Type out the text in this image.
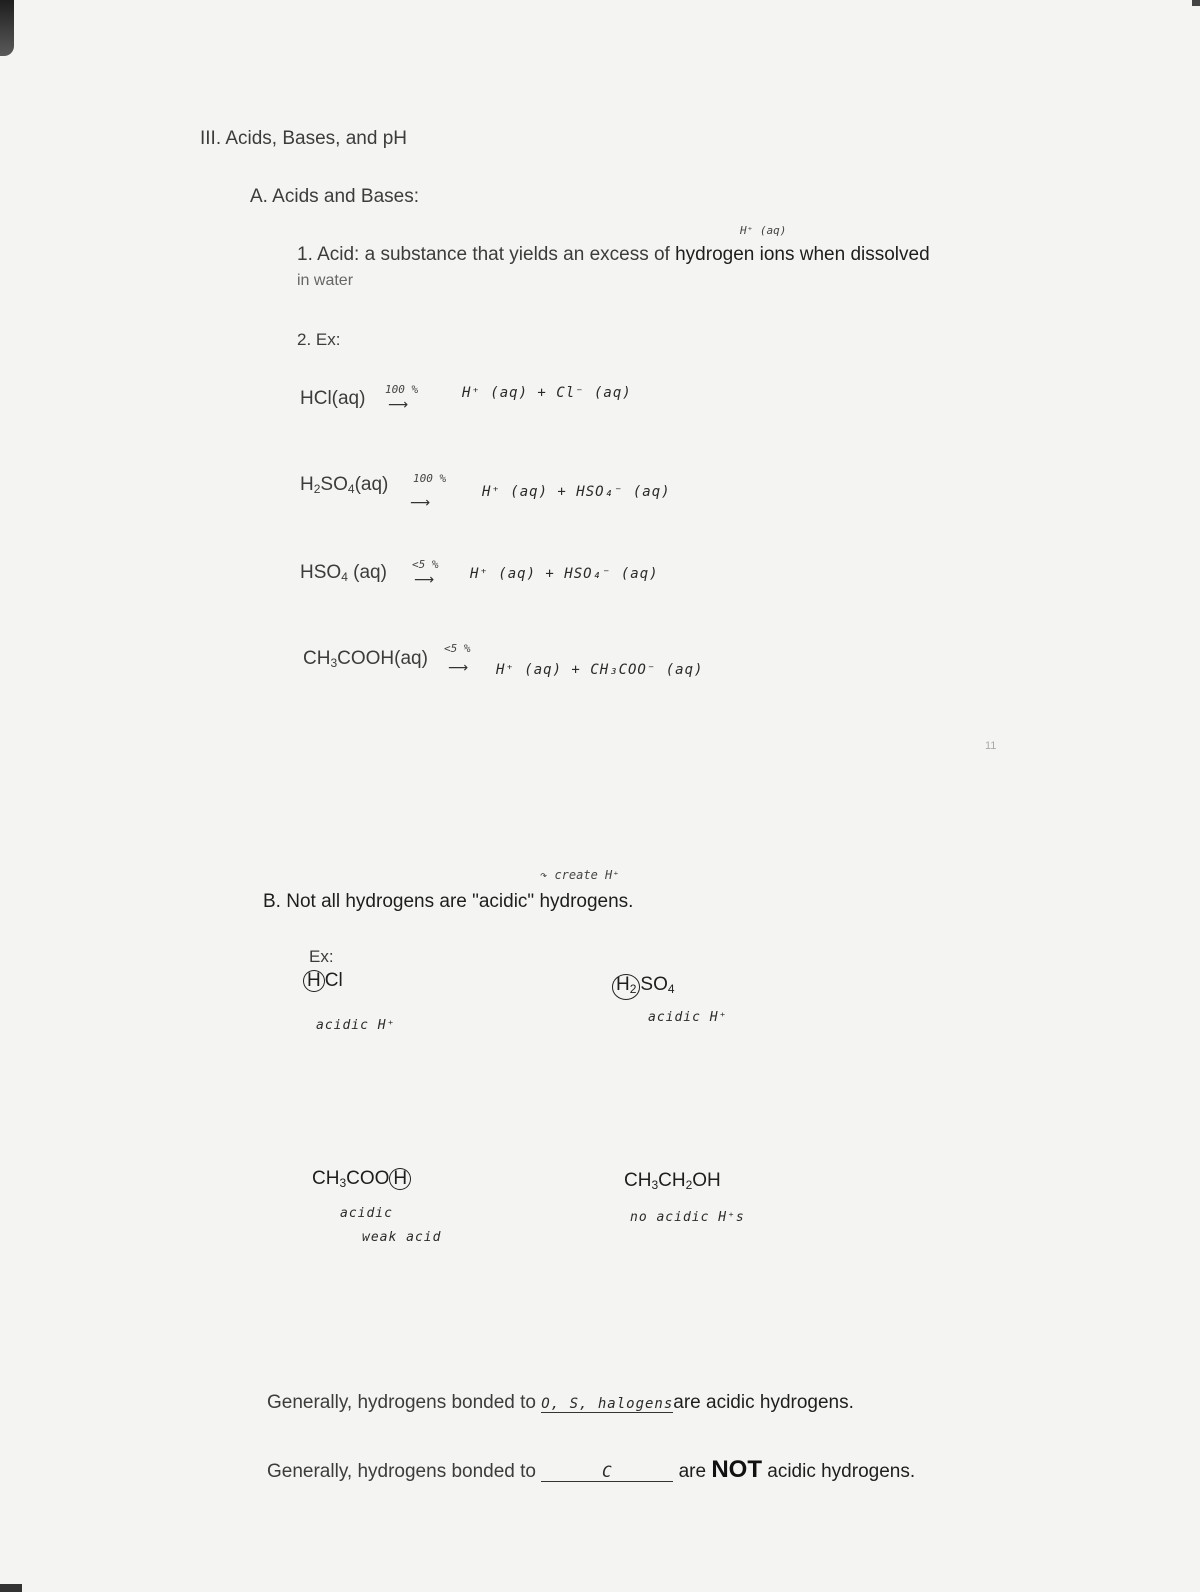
III. Acids, Bases, and pH
A. Acids and Bases:
H⁺ (aq)
1. Acid: a substance that yields an excess of hydrogen ions when dissolved
in water
2. Ex:
HCl(aq) 100 %
⟶
H⁺ (aq) + Cl⁻ (aq)
$H_2SO_4(aq)$ 100 %
⟶
H⁺ (aq) + HSO₄⁻ (aq)
$HSO_4$ (aq) <5 %
⟶	H⁺ (aq) + HSO₄⁻ (aq)
$CH_3COOH(aq) <5$ %
⟶ H⁺ (aq) + CH₃COO⁻ (aq)
11
↷ create H⁺
B. Not all hydrogens are "acidic" hydrogens.
Ex:
H Cl
acidic H⁺
$H_2$ $SO_4$
acidic H⁺
$CH_3COO$ H
acidic
weak acid
$CH_3CH_2OH$
no acidic H⁺s
Generally, hydrogens bonded to O, S, halogensare acidic hydrogens.
Generally, hydrogens bonded to	C	are NOT acidic hydrogens.
